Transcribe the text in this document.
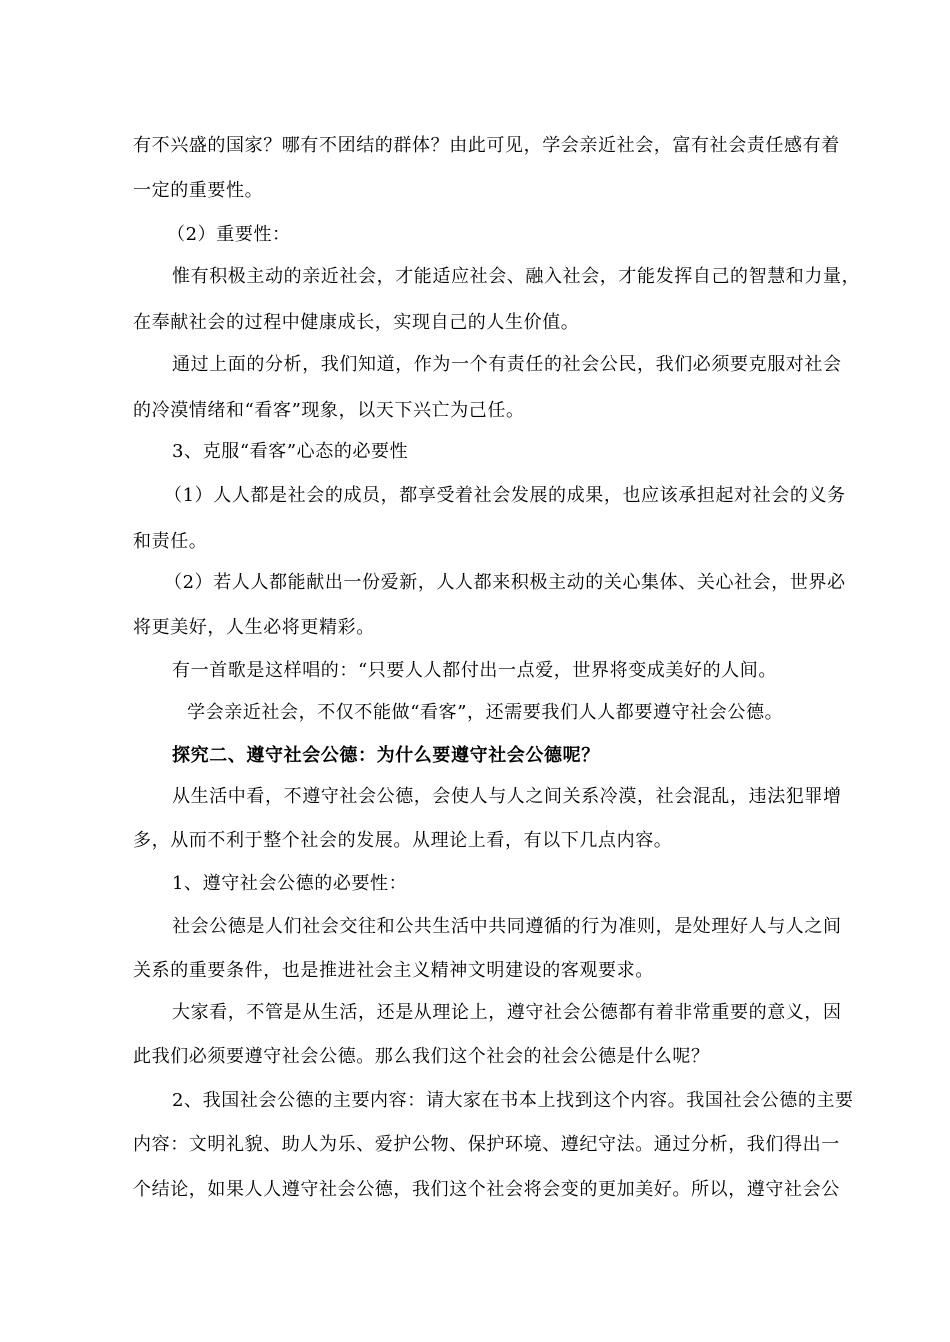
有不兴盛的国家？哪有不团结的群体？由此可见，学会亲近社会，富有社会责任感有着
一定的重要性。
（2）重要性：
惟有积极主动的亲近社会，才能适应社会、融入社会，才能发挥自己的智慧和力量，
在奉献社会的过程中健康成长，实现自己的人生价值。
通过上面的分析，我们知道，作为一个有责任的社会公民，我们必须要克服对社会
的冷漠情绪和“看客”现象，以天下兴亡为己任。
3、克服“看客”心态的必要性
（1）人人都是社会的成员，都享受着社会发展的成果，也应该承担起对社会的义务
和责任。
（2）若人人都能献出一份爱新，人人都来积极主动的关心集体、关心社会，世界必
将更美好，人生必将更精彩。
有一首歌是这样唱的：“只要人人都付出一点爱，世界将变成美好的人间。
学会亲近社会，不仅不能做“看客”，还需要我们人人都要遵守社会公德。
探究二、遵守社会公德：为什么要遵守社会公德呢？
从生活中看，不遵守社会公德，会使人与人之间关系冷漠，社会混乱，违法犯罪增
多，从而不利于整个社会的发展。从理论上看，有以下几点内容。
1、遵守社会公德的必要性：
社会公德是人们社会交往和公共生活中共同遵循的行为准则，是处理好人与人之间
关系的重要条件，也是推进社会主义精神文明建设的客观要求。
大家看，不管是从生活，还是从理论上，遵守社会公德都有着非常重要的意义，因
此我们必须要遵守社会公德。那么我们这个社会的社会公德是什么呢？
2、我国社会公德的主要内容：请大家在书本上找到这个内容。我国社会公德的主要
内容：文明礼貌、助人为乐、爱护公物、保护环境、遵纪守法。通过分析，我们得出一
个结论，如果人人遵守社会公德，我们这个社会将会变的更加美好。所以，遵守社会公
